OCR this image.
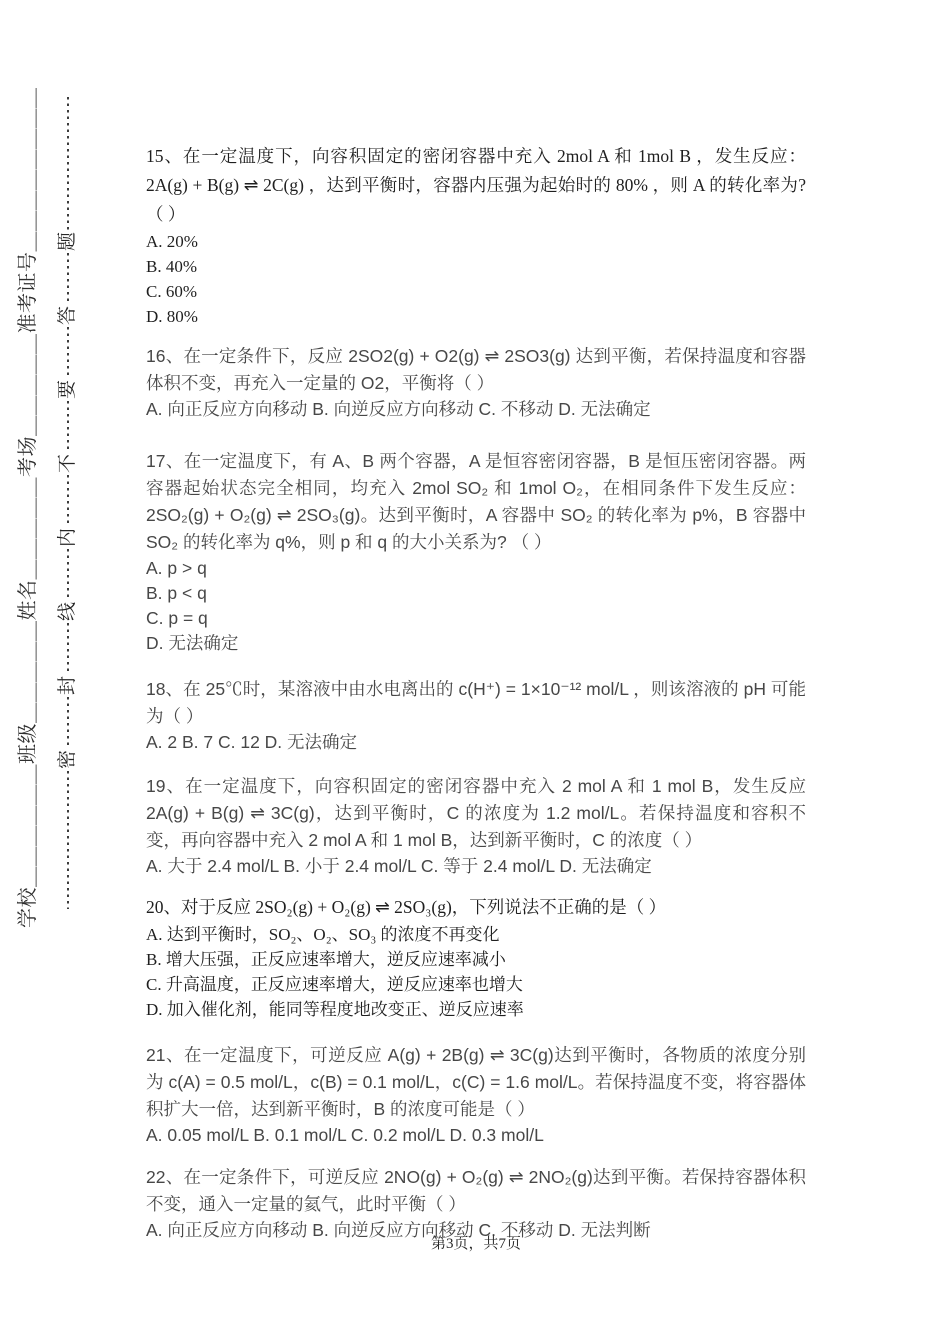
学校＿＿＿＿＿＿班级＿＿＿＿＿姓名＿＿＿＿＿考场＿＿＿＿＿准考证号＿＿＿＿＿＿＿＿ 题
答
要
不
内
线
封
密

15、在一定温度下，向容积固定的密闭容器中充入 2mol A 和 1mol B ，发生反应：2A(g) + B(g) ⇌ 2C(g) ，达到平衡时，容器内压强为起始时的 80% ，则 A 的转化率为? （ ）

A. 20%

B. 40%

C. 60%

D. 80%

16、在一定条件下，反应 2SO2(g) + O2(g) ⇌ 2SO3(g) 达到平衡，若保持温度和容器体积不变，再充入一定量的 O2，平衡将（ ）

A. 向正反应方向移动 B. 向逆反应方向移动 C. 不移动 D. 无法确定

17、在一定温度下，有 A、B 两个容器，A 是恒容密闭容器，B 是恒压密闭容器。两容器起始状态完全相同，均充入 2mol SO₂ 和 1mol O₂，在相同条件下发生反应：2SO₂(g) + O₂(g) ⇌ 2SO₃(g)。达到平衡时，A 容器中 SO₂ 的转化率为 p%，B 容器中 SO₂ 的转化率为 q%，则 p 和 q 的大小关系为? （ ）

A. p > q

B. p < q

C. p = q

D. 无法确定

18、在 25℃时，某溶液中由水电离出的 c(H⁺) = 1×10⁻¹² mol/L ，则该溶液的 pH 可能为（ ）

A. 2 B. 7 C. 12 D. 无法确定

19、在一定温度下，向容积固定的密闭容器中充入 2 mol A 和 1 mol B，发生反应 2A(g) + B(g) ⇌ 3C(g)，达到平衡时，C 的浓度为 1.2 mol/L。若保持温度和容积不变，再向容器中充入 2 mol A 和 1 mol B，达到新平衡时，C 的浓度（ ）

A. 大于 2.4 mol/L B. 小于 2.4 mol/L C. 等于 2.4 mol/L D. 无法确定

20、对于反应 2SO₂(g) + O₂(g) ⇌ 2SO₃(g)，下列说法不正确的是（ ）

A. 达到平衡时，SO₂、O₂、SO₃ 的浓度不再变化

B. 增大压强，正反应速率增大，逆反应速率减小

C. 升高温度，正反应速率增大，逆反应速率也增大

D. 加入催化剂，能同等程度地改变正、逆反应速率

21、在一定温度下，可逆反应 A(g) + 2B(g) ⇌ 3C(g)达到平衡时，各物质的浓度分别为 c(A) = 0.5 mol/L，c(B) = 0.1 mol/L，c(C) = 1.6 mol/L。若保持温度不变，将容器体积扩大一倍，达到新平衡时，B 的浓度可能是（ ）

A. 0.05 mol/L B. 0.1 mol/L C. 0.2 mol/L D. 0.3 mol/L

22、在一定条件下，可逆反应 2NO(g) + O₂(g) ⇌ 2NO₂(g)达到平衡。若保持容器体积不变，通入一定量的氦气，此时平衡（ ）

A. 向正反应方向移动 B. 向逆反应方向移动 C. 不移动 D. 无法判断

第3页，共7页
